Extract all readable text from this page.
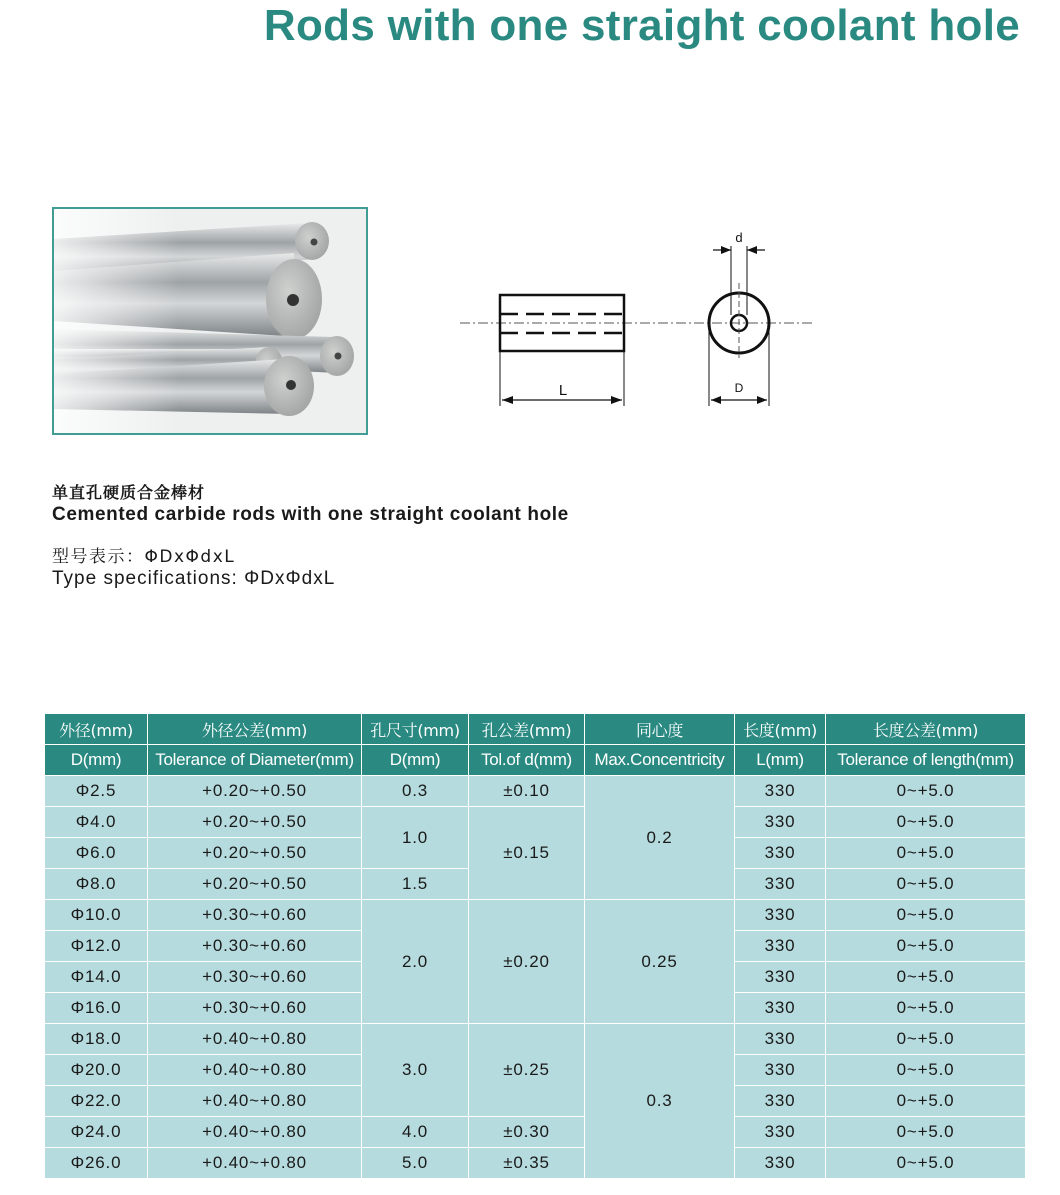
Rods with one straight coolant hole
L
d
D
单直孔硬质合金棒材
Cemented carbide rods with one straight coolant hole
型号表示：ΦDxΦdxL
Type specifications: ΦDxΦdxL
外径(mm)	外径公差(mm)	孔尺寸(mm)	孔公差(mm)	同心度	长度(mm)	长度公差(mm)
D(mm)	Tolerance of Diameter(mm)	D(mm)	Tol.of d(mm)	Max.Concentricity	L(mm)	Tolerance of length(mm)
Φ2.5	+0.20~+0.50	0.3	±0.10	0.2	330	0~+5.0
Φ4.0	+0.20~+0.50	1.0	±0.15		330	0~+5.0
Φ6.0	+0.20~+0.50				330	0~+5.0
Φ8.0	+0.20~+0.50	1.5			330	0~+5.0
Φ10.0	+0.30~+0.60	2.0	±0.20	0.25	330	0~+5.0
Φ12.0	+0.30~+0.60				330	0~+5.0
Φ14.0	+0.30~+0.60				330	0~+5.0
Φ16.0	+0.30~+0.60				330	0~+5.0
Φ18.0	+0.40~+0.80	3.0	±0.25	0.3	330	0~+5.0
Φ20.0	+0.40~+0.80				330	0~+5.0
Φ22.0	+0.40~+0.80				330	0~+5.0
Φ24.0	+0.40~+0.80	4.0	±0.30		330	0~+5.0
Φ26.0	+0.40~+0.80	5.0	±0.35		330	0~+5.0
